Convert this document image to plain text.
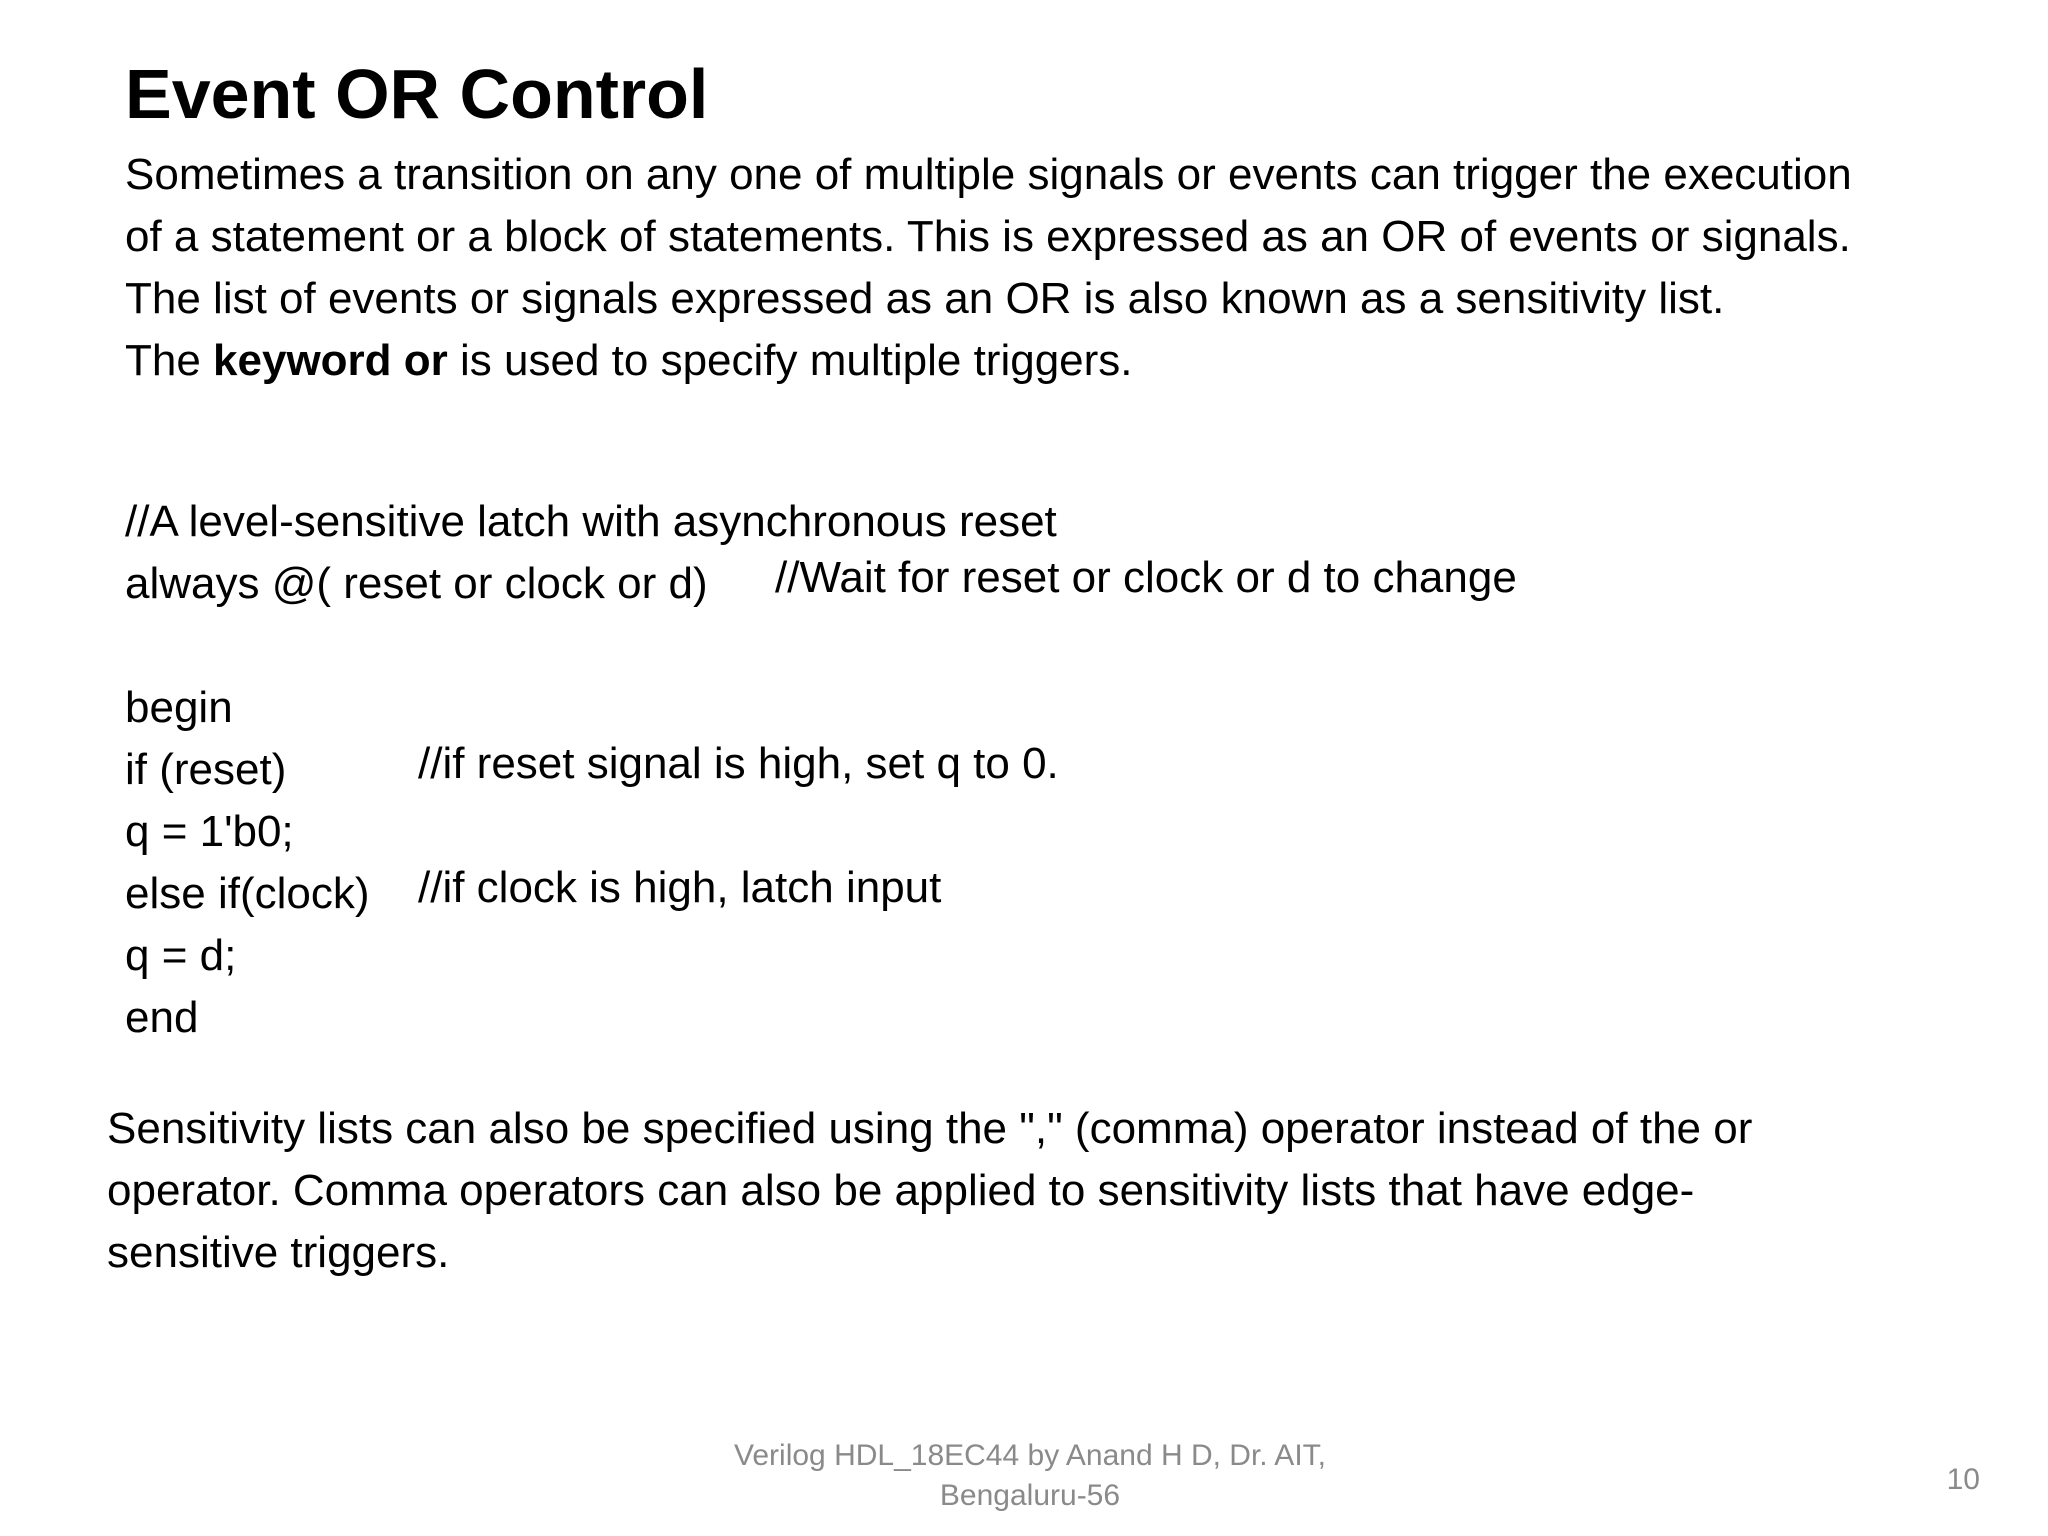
Event OR Control
Sometimes a transition on any one of multiple signals or events can trigger the execution
of a statement or a block of statements. This is expressed as an OR of events or signals.
The list of events or signals expressed as an OR is also known as a sensitivity list.
The keyword or is used to specify multiple triggers.
//A level-sensitive latch with asynchronous reset
always @( reset or clock or d) //Wait for reset or clock or d to change
begin
if (reset)	//if reset signal is high, set q to 0.
q = 1'b0;
else if(clock) //if clock is high, latch input
q = d;
end
Sensitivity lists can also be specified using the "," (comma) operator instead of the or
operator. Comma operators can also be applied to sensitivity lists that have edge-
sensitive triggers.
Verilog HDL_18EC44 by Anand H D, Dr. AIT,
Bengaluru-56	10
